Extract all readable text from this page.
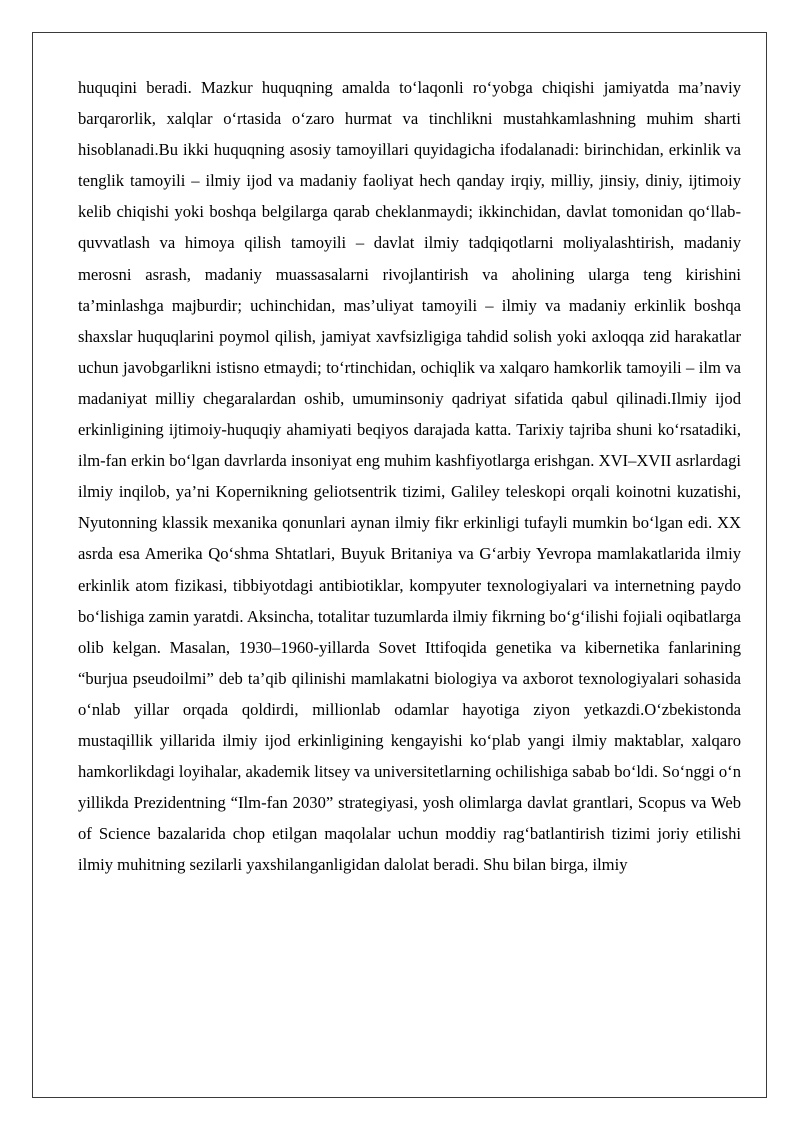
huquqini beradi. Mazkur huquqning amalda to‘laqonli ro‘yobga chiqishi jamiyatda ma’naviy barqarorlik, xalqlar o‘rtasida o‘zaro hurmat va tinchlikni mustahkamlashning muhim sharti hisoblanadi.Bu ikki huquqning asosiy tamoyillari quyidagicha ifodalanadi: birinchidan, erkinlik va tenglik tamoyili – ilmiy ijod va madaniy faoliyat hech qanday irqiy, milliy, jinsiy, diniy, ijtimoiy kelib chiqishi yoki boshqa belgilarga qarab cheklanmaydi; ikkinchidan, davlat tomonidan qo‘llab-quvvatlash va himoya qilish tamoyili – davlat ilmiy tadqiqotlarni moliyalashtirish, madaniy merosni asrash, madaniy muassasalarni rivojlantirish va aholining ularga teng kirishini ta’minlashga majburdir; uchinchidan, mas’uliyat tamoyili – ilmiy va madaniy erkinlik boshqa shaxslar huquqlarini poymol qilish, jamiyat xavfsizligiga tahdid solish yoki axloqqa zid harakatlar uchun javobgarlikni istisno etmaydi; to‘rtinchidan, ochiqlik va xalqaro hamkorlik tamoyili – ilm va madaniyat milliy chegaralardan oshib, umuminsoniy qadriyat sifatida qabul qilinadi.Ilmiy ijod erkinligining ijtimoiy-huquqiy ahamiyati beqiyos darajada katta. Tarixiy tajriba shuni ko‘rsatadiki, ilm-fan erkin bo‘lgan davrlarda insoniyat eng muhim kashfiyotlarga erishgan. XVI–XVII asrlardagi ilmiy inqilob, ya’ni Kopernikning geliotsentrik tizimi, Galiley teleskopi orqali koinotni kuzatishi, Nyutonning klassik mexanika qonunlari aynan ilmiy fikr erkinligi tufayli mumkin bo‘lgan edi. XX asrda esa Amerika Qo‘shma Shtatlari, Buyuk Britaniya va G‘arbiy Yevropa mamlakatlarida ilmiy erkinlik atom fizikasi, tibbiyotdagi antibiotiklar, kompyuter texnologiyalari va internetning paydo bo‘lishiga zamin yaratdi. Aksincha, totalitar tuzumlarda ilmiy fikrning bo‘g‘ilishi fojiali oqibatlarga olib kelgan. Masalan, 1930–1960-yillarda Sovet Ittifoqida genetika va kibernetika fanlarining “burjua pseudoilmi” deb ta’qib qilinishi mamlakatni biologiya va axborot texnologiyalari sohasida o‘nlab yillar orqada qoldirdi, millionlab odamlar hayotiga ziyon yetkazdi.O‘zbekistonda mustaqillik yillarida ilmiy ijod erkinligining kengayishi ko‘plab yangi ilmiy maktablar, xalqaro hamkorlikdagi loyihalar, akademik litsey va universitetlarning ochilishiga sabab bo‘ldi. So‘nggi o‘n yillikda Prezidentning “Ilm-fan 2030” strategiyasi, yosh olimlarga davlat grantlari, Scopus va Web of Science bazalarida chop etilgan maqolalar uchun moddiy rag‘batlantirish tizimi joriy etilishi ilmiy muhitning sezilarli yaxshilanganligidan dalolat beradi. Shu bilan birga, ilmiy
